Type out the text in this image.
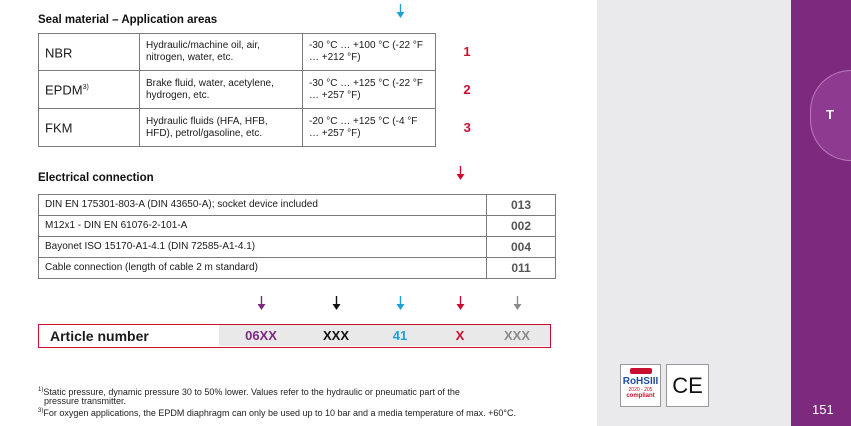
T
151
Seal material – Application areas
NBR	Hydraulic/machine oil, air, nitrogen, water, etc.	-30 °C … +100 °C (-22 °F … +212 °F)	1
EPDM$^{3)}$	Brake fluid, water, acetylene, hydrogen, etc.	-30 °C … +125 °C (-22 °F … +257 °F)	2
FKM	Hydraulic fluids (HFA, HFB, HFD), petrol/gasoline, etc.	-20 °C … +125 °C (-4 °F … +257 °F)	3
Electrical connection
DIN EN 175301-803-A (DIN 43650-A); socket device included	013
M12x1 - DIN EN 61076-2-101-A	002
Bayonet ISO 15170-A1-4.1 (DIN 72585-A1-4.1)	004
Cable connection (length of cable 2 m standard)	011
Article number	06XX	XXX	41	X	XXX
$^{1)}$Static pressure, dynamic pressure 30 to 50% lower. Values refer to the hydraulic or pneumatic part of the
pressure transmitter.
$^{3)}$For oxygen applications, the EPDM diaphragm can only be used up to 10 bar and a media temperature of max. +60°C.
RoHSIII
2020 - 205
compliant CE
